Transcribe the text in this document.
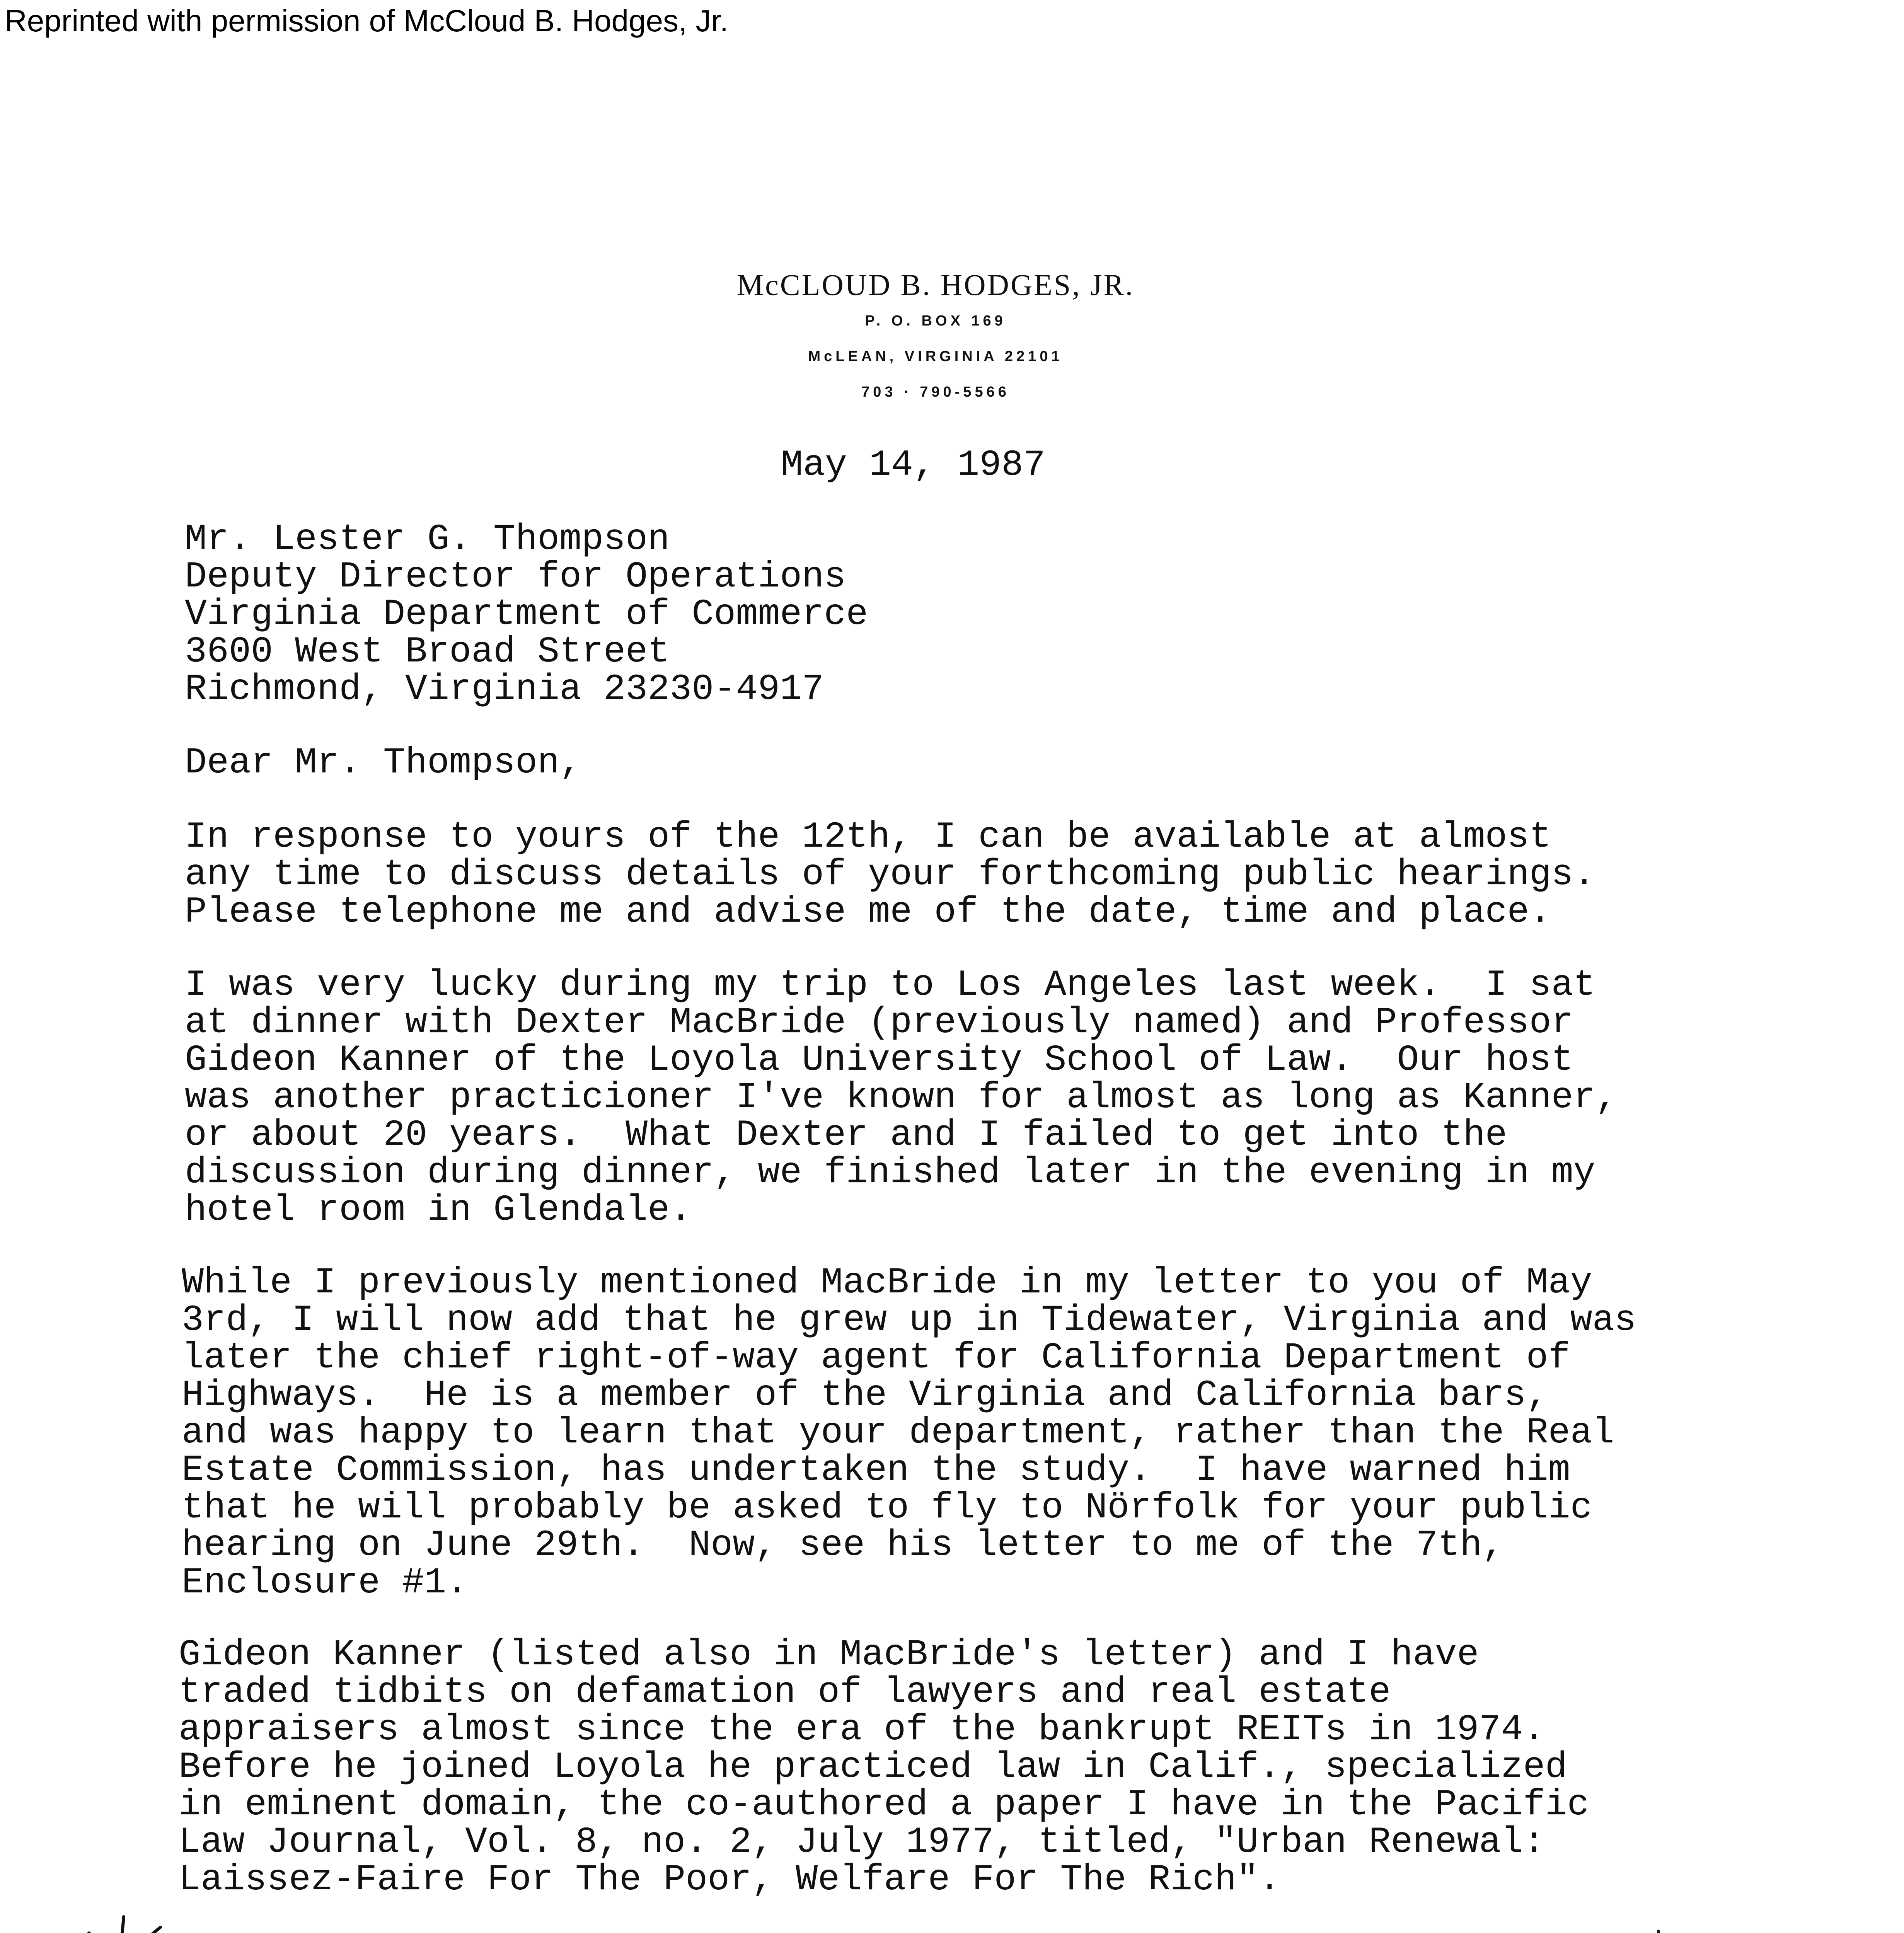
Reprinted with permission of McCloud B. Hodges, Jr.

McCLOUD B. HODGES, JR.

P. O. BOX 169

McLEAN, VIRGINIA 22101

703 · 790-5566

May 14, 1987
Mr. Lester G. Thompson
Deputy Director for Operations
Virginia Department of Commerce
3600 West Broad Street
Richmond, Virginia 23230-4917
Dear Mr. Thompson,
In response to yours of the 12th, I can be available at almost
any time to discuss details of your forthcoming public hearings.
Please telephone me and advise me of the date, time and place.
I was very lucky during my trip to Los Angeles last week.  I sat
at dinner with Dexter MacBride (previously named) and Professor
Gideon Kanner of the Loyola University School of Law.  Our host
was another practicioner I've known for almost as long as Kanner,
or about 20 years.  What Dexter and I failed to get into the
discussion during dinner, we finished later in the evening in my
hotel room in Glendale.
While I previously mentioned MacBride in my letter to you of May
3rd, I will now add that he grew up in Tidewater, Virginia and was
later the chief right-of-way agent for California Department of
Highways.  He is a member of the Virginia and California bars,
and was happy to learn that your department, rather than the Real
Estate Commission, has undertaken the study.  I have warned him
that he will probably be asked to fly to Nörfolk for your public
hearing on June 29th.  Now, see his letter to me of the 7th,
Enclosure #1.
Gideon Kanner (listed also in MacBride's letter) and I have
traded tidbits on defamation of lawyers and real estate
appraisers almost since the era of the bankrupt REITs in 1974.
Before he joined Loyola he practiced law in Calif., specialized
in eminent domain, the co-authored a paper I have in the Pacific
Law Journal, Vol. 8, no. 2, July 1977, titled, "Urban Renewal:
Laissez-Faire For The Poor, Welfare For The Rich".
